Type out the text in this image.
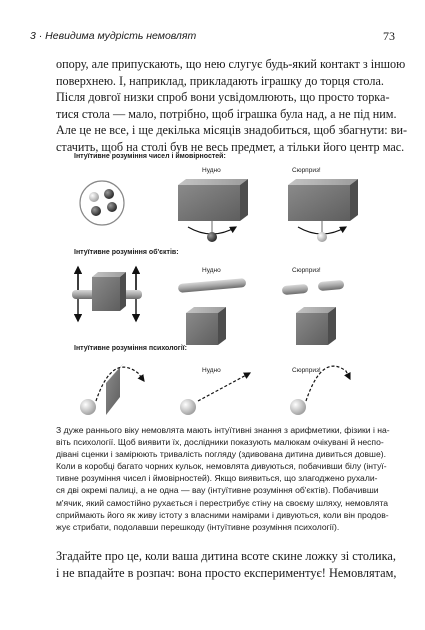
3 · Невидима мудрість немовлят	73

опору, але припускають, що нею слугує будь-який контакт з іншою
поверхнею. І, наприклад, прикладають іграшку до торця стола.
Після довгої низки спроб вони усвідомлюють, що просто торка-
тися стола — мало, потрібно, щоб іграшка була над, а не під ним.
Але це не все, і ще декілька місяців знадобиться, щоб збагнути: ви-
стачить, щоб на столі був не весь предмет, а тільки його центр мас.

Інтуїтивне розуміння чисел і ймовірностей:
Нудно	Сюрприз!
Інтуїтивне розуміння об'єктів:
Нудно	Сюрприз!
Інтуїтивне розуміння психології:
Нудно	Сюрприз!

З дуже раннього віку немовлята мають інтуїтивні знання з арифметики, фізики і на-
віть психології. Щоб виявити їх, дослідники показують малюкам очікувані й неспо-
дівані сценки і замірюють тривалість погляду (здивована дитина дивиться довше).
Коли в коробці багато чорних кульок, немовлята дивуються, побачивши білу (інтуї-
тивне розуміння чисел і ймовірностей). Якщо виявиться, що злагоджено рухали-
ся дві окремі палиці, а не одна — вау (інтуїтивне розуміння об'єктів). Побачивши
м'ячик, який самостійно рухається і перестрибує стіну на своєму шляху, немовлята
сприймають його як живу істоту з власними намірами і дивуються, коли він продов-
жує стрибати, подолавши перешкоду (інтуїтивне розуміння психології).

Згадайте про це, коли ваша дитина всоте скине ложку зі столика,
і не впадайте в розпач: вона просто експериментує! Немовлятам,
